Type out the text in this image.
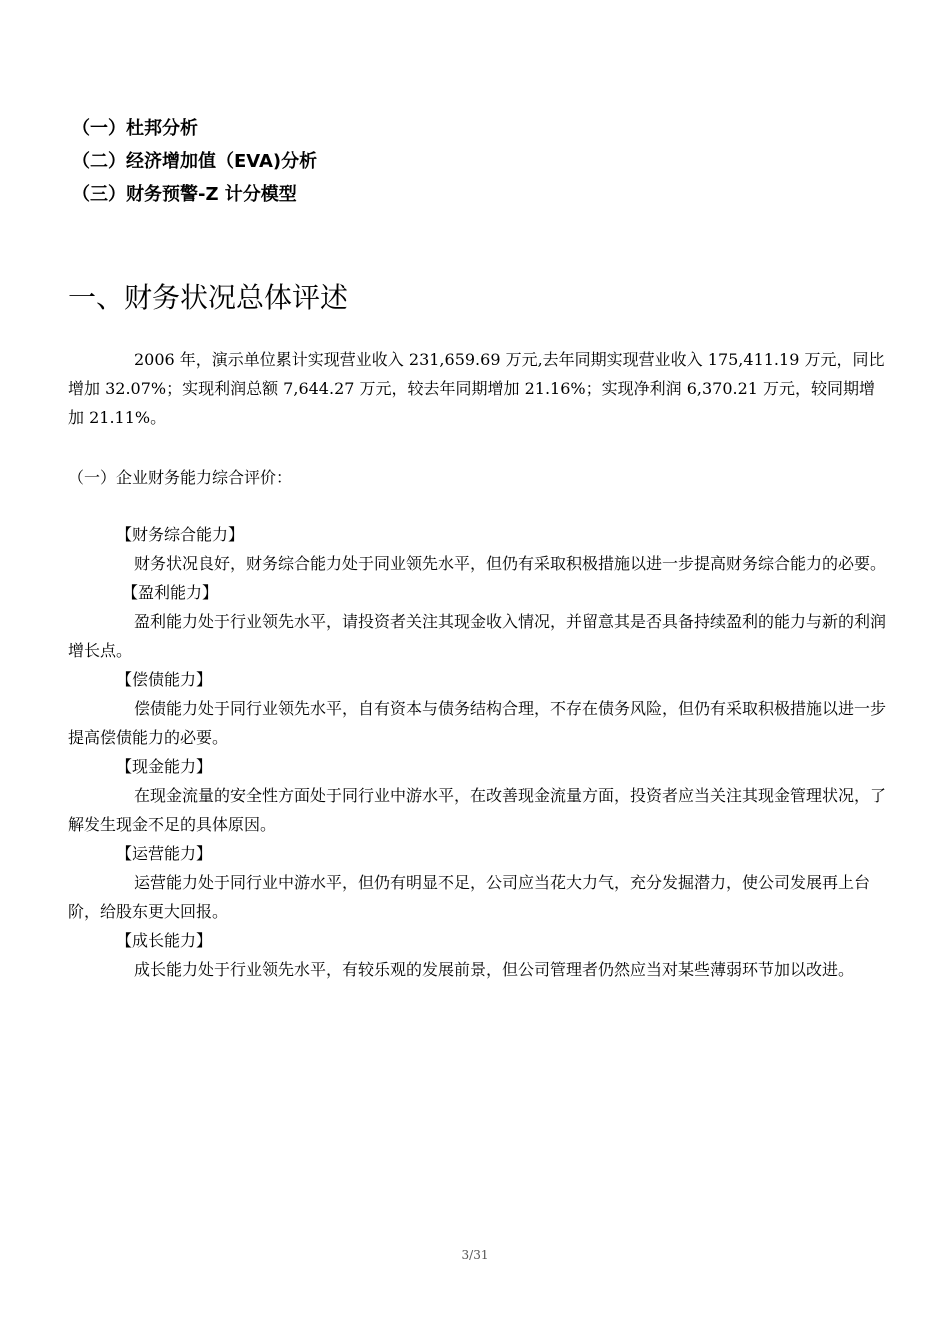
（一）杜邦分析
（二）经济增加值（EVA)分析
（三）财务预警-Z 计分模型
一、财务状况总体评述

2006 年，演示单位累计实现营业收入 231,659.69 万元,去年同期实现营业收入 175,411.19 万元，同比增加 32.07%；实现利润总额 7,644.27 万元，较去年同期增加 21.16%；实现净利润 6,370.21 万元，较同期增加 21.11%。

（一）企业财务能力综合评价：

【财务综合能力】

财务状况良好，财务综合能力处于同业领先水平，但仍有采取积极措施以进一步提高财务综合能力的必要。

【盈利能力】

盈利能力处于行业领先水平，请投资者关注其现金收入情况，并留意其是否具备持续盈利的能力与新的利润增长点。

【偿债能力】

偿债能力处于同行业领先水平，自有资本与债务结构合理，不存在债务风险，但仍有采取积极措施以进一步提高偿债能力的必要。

【现金能力】

在现金流量的安全性方面处于同行业中游水平，在改善现金流量方面，投资者应当关注其现金管理状况，了解发生现金不足的具体原因。

【运营能力】

运营能力处于同行业中游水平，但仍有明显不足，公司应当花大力气，充分发掘潜力，使公司发展再上台阶，给股东更大回报。

【成长能力】

成长能力处于行业领先水平，有较乐观的发展前景，但公司管理者仍然应当对某些薄弱环节加以改进。

3/31
